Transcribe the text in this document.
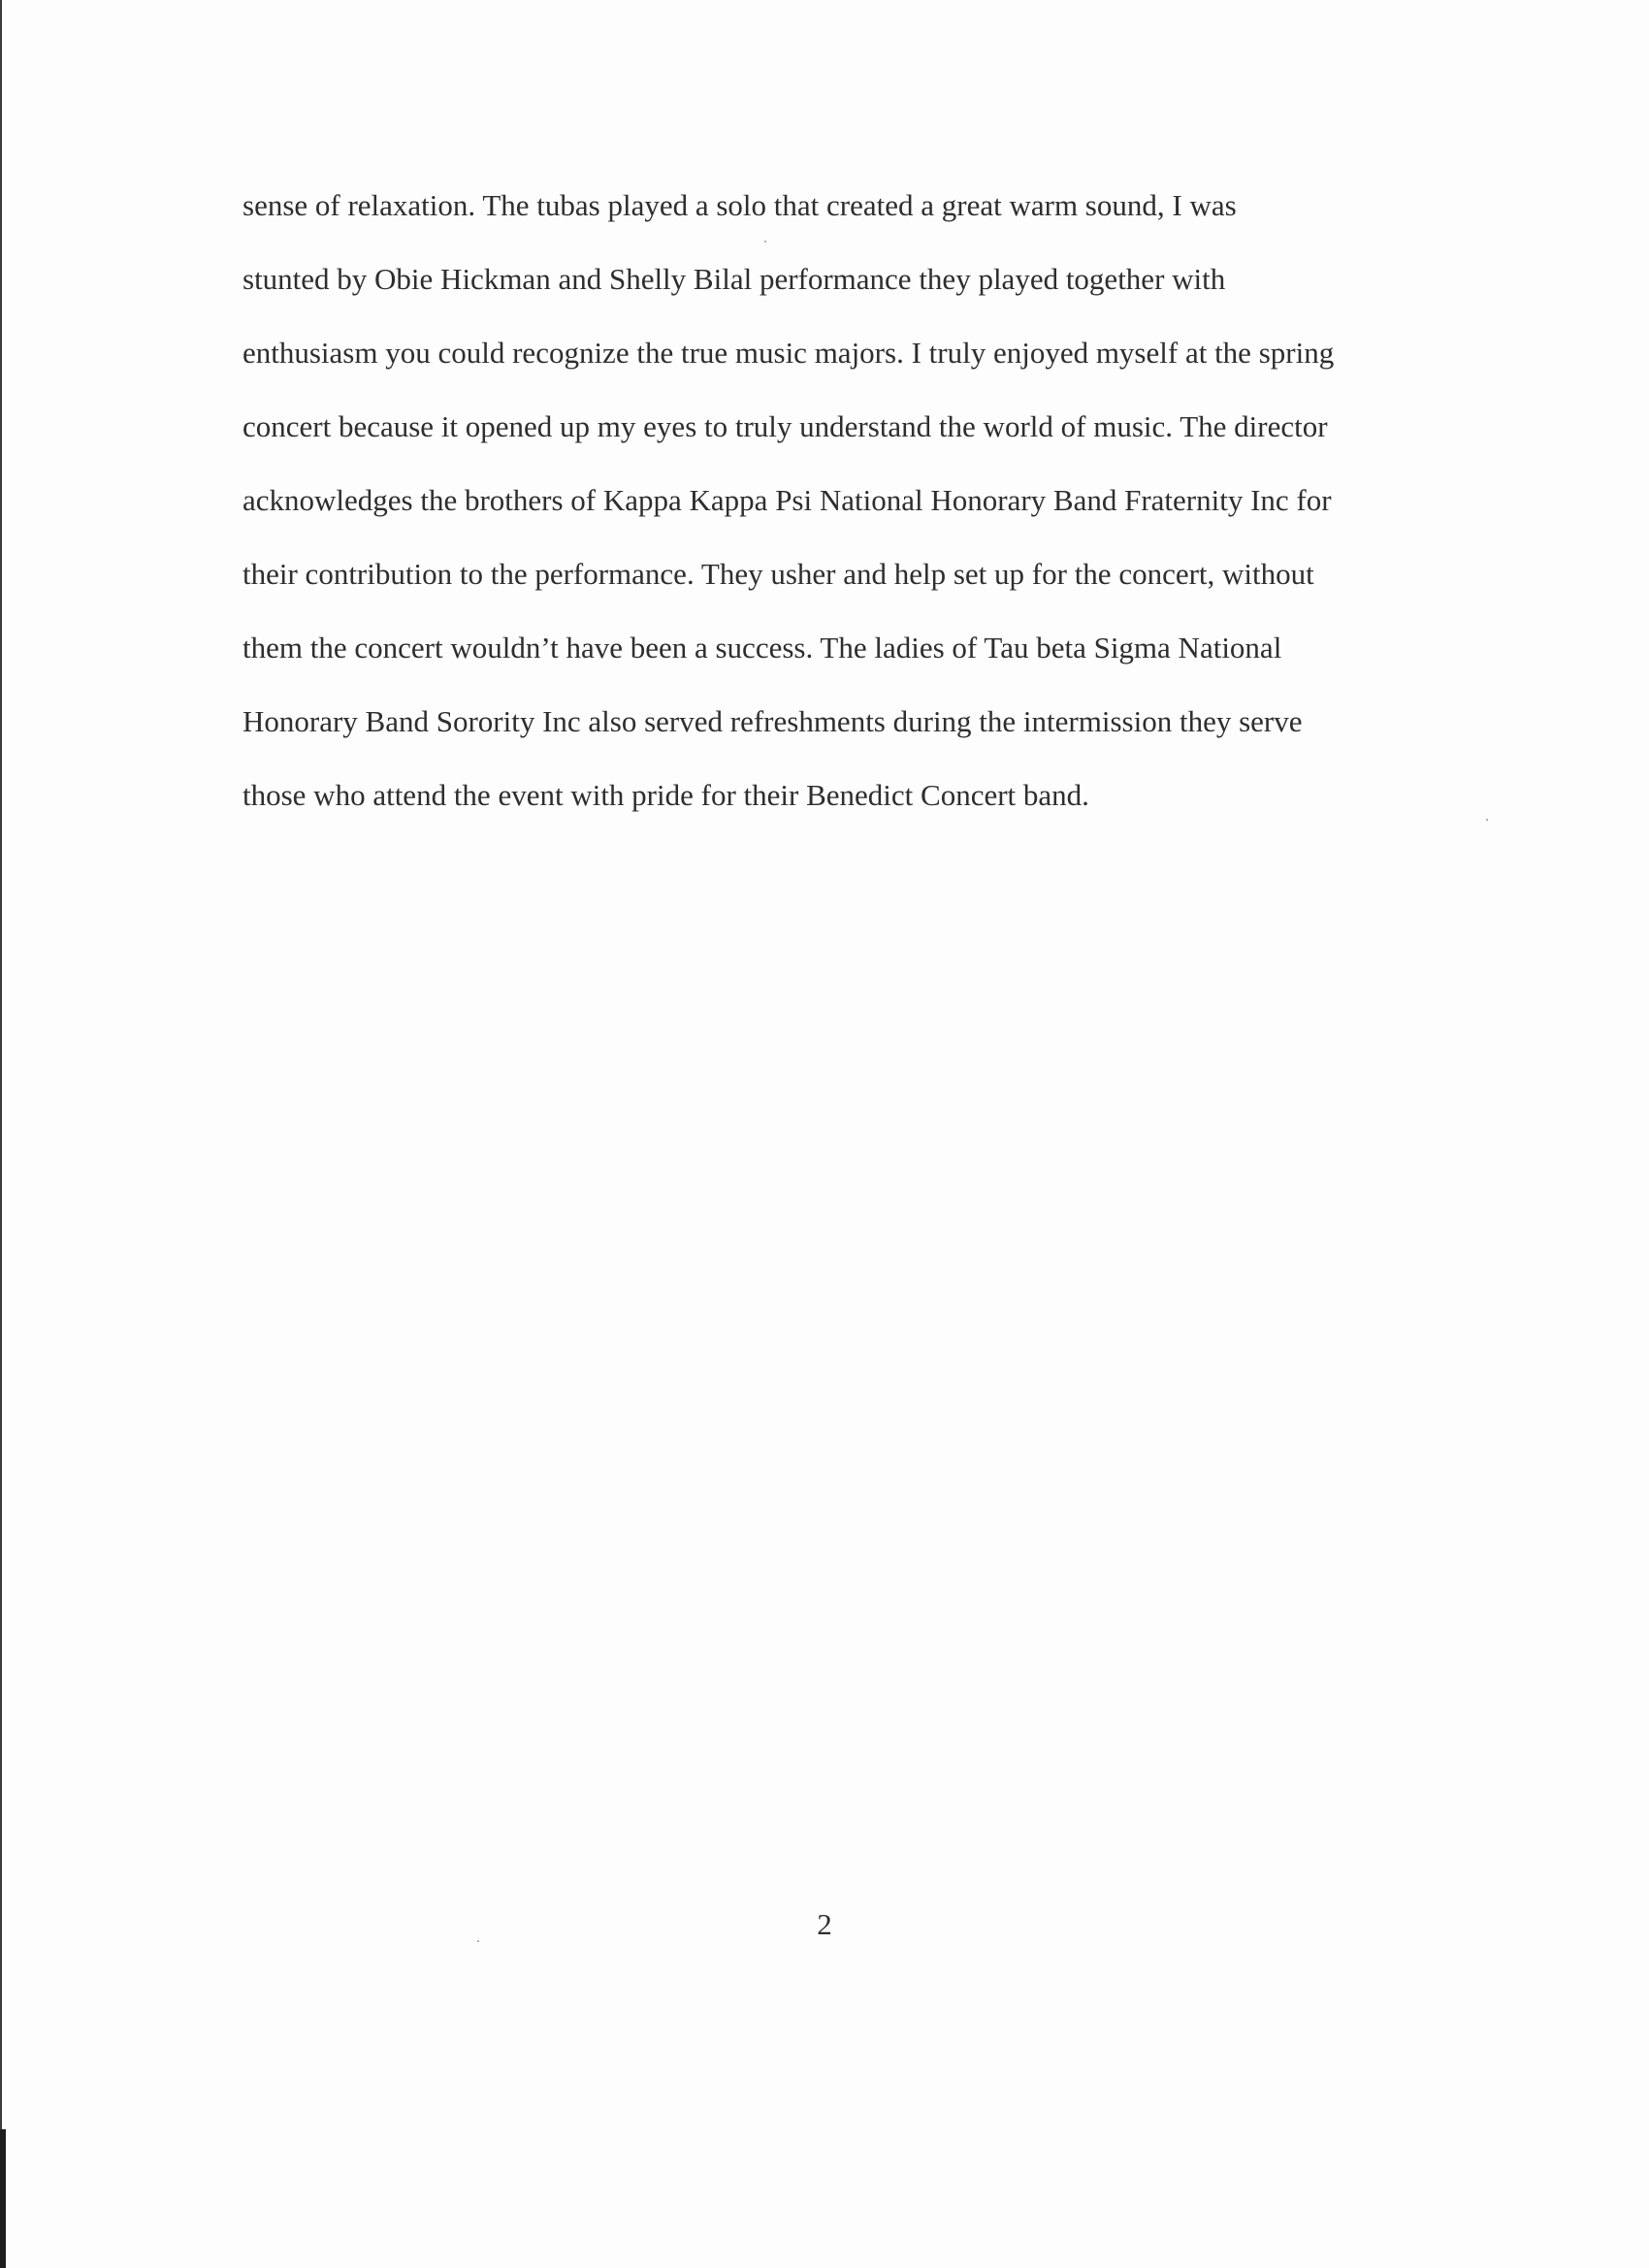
sense of relaxation. The tubas played a solo that created a great warm sound, I was
stunted by Obie Hickman and Shelly Bilal performance they played together with
enthusiasm you could recognize the true music majors. I truly enjoyed myself at the spring
concert because it opened up my eyes to truly understand the world of music. The director
acknowledges the brothers of Kappa Kappa Psi National Honorary Band Fraternity Inc for
their contribution to the performance. They usher and help set up for the concert, without
them the concert wouldn’t have been a success. The ladies of Tau beta Sigma National
Honorary Band Sorority Inc also served refreshments during the intermission they serve
those who attend the event with pride for their Benedict Concert band.

2
